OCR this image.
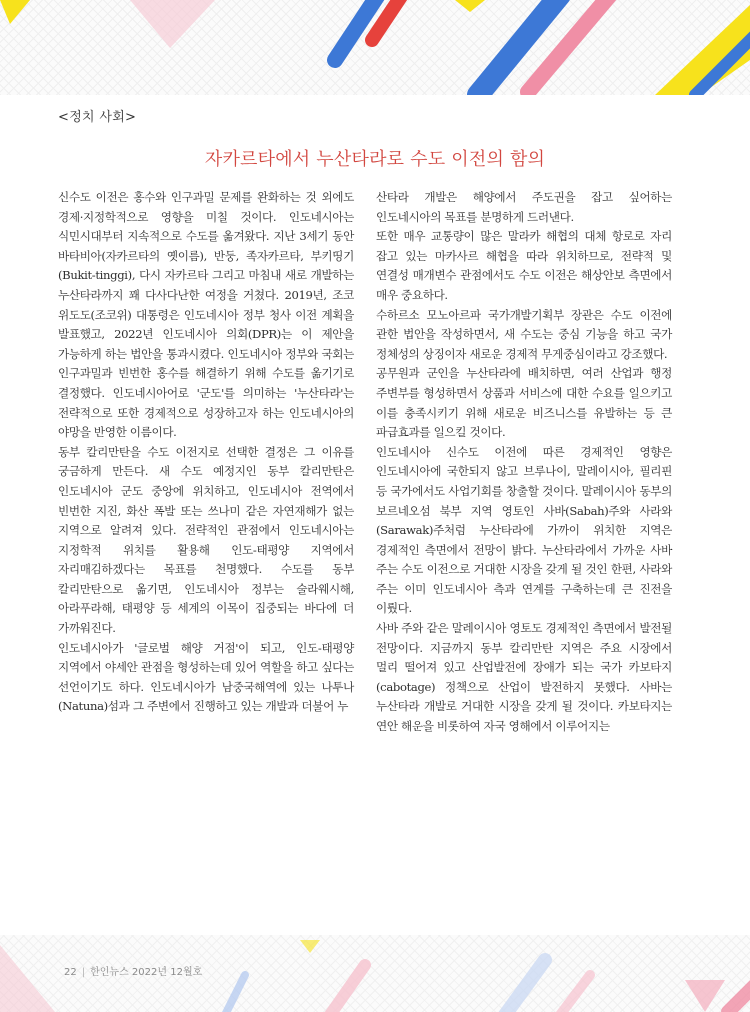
<정치 사회>
자카르타에서 누산타라로 수도 이전의 함의

신수도 이전은 홍수와 인구과밀 문제를 완화하는 것 외에도 경제·지정학적으로 영향을 미칠 것이다. 인도네시아는 식민시대부터 지속적으로 수도를 옮겨왔다. 지난 3세기 동안 바타비아(자카르타의 옛이름), 반둥, 족자카르타, 부키띵기(Bukit-tinggi), 다시 자카르타 그리고 마침내 새로 개발하는 누산타라까지 꽤 다사다난한 여정을 거쳤다. 2019년, 조코 위도도(조코위) 대통령은 인도네시아 정부 청사 이전 계획을 발표했고, 2022년 인도네시아 의회(DPR)는 이 제안을 가능하게 하는 법안을 통과시켰다. 인도네시아 정부와 국회는 인구과밀과 빈번한 홍수를 해결하기 위해 수도를 옮기기로 결정했다. 인도네시아어로 '군도'를 의미하는 '누산타라'는 전략적으로 또한 경제적으로 성장하고자 하는 인도네시아의 야망을 반영한 이름이다.

동부 칼리만탄을 수도 이전지로 선택한 결정은 그 이유를 궁금하게 만든다. 새 수도 예정지인 동부 칼리만탄은 인도네시아 군도 중앙에 위치하고, 인도네시아 전역에서 빈번한 지진, 화산 폭발 또는 쓰나미 같은 자연재해가 없는 지역으로 알려져 있다. 전략적인 관점에서 인도네시아는 지정학적 위치를 활용해 인도-태평양 지역에서 자리매김하겠다는 목표를 천명했다. 수도를 동부 칼리만탄으로 옮기면, 인도네시아 정부는 술라웨시해, 아라푸라해, 태평양 등 세계의 이목이 집중되는 바다에 더 가까워진다.

인도네시아가 '글로벌 해양 거점'이 되고, 인도-태평양 지역에서 야세안 관점을 형성하는데 있어 역할을 하고 싶다는 선언이기도 하다. 인도네시아가 남중국해역에 있는 나투나(Natuna)섬과 그 주변에서 진행하고 있는 개발과 더불어 누

산타라 개발은 해양에서 주도권을 잡고 싶어하는 인도네시아의 목표를 분명하게 드러낸다.

또한 매우 교통량이 많은 말라카 해협의 대체 항로로 자리 잡고 있는 마카사르 해협을 따라 위치하므로, 전략적 및 연결성 매개변수 관점에서도 수도 이전은 해상안보 측면에서 매우 중요하다.

수하르소 모노아르파 국가개발기획부 장관은 수도 이전에 관한 법안을 작성하면서, 새 수도는 중심 기능을 하고 국가 정체성의 상징이자 새로운 경제적 무게중심이라고 강조했다.

공무원과 군인을 누산타라에 배치하면, 여러 산업과 행정 주변부를 형성하면서 상품과 서비스에 대한 수요를 일으키고 이를 충족시키기 위해 새로운 비즈니스를 유발하는 등 큰 파급효과를 일으킬 것이다.

인도네시아 신수도 이전에 따른 경제적인 영향은 인도네시아에 국한되지 않고 브루나이, 말레이시아, 필리핀 등 국가에서도 사업기회를 창출할 것이다. 말레이시아 동부의 보르네오섬 북부 지역 영토인 사바(Sabah)주와 사라와(Sarawak)주처럼 누산타라에 가까이 위치한 지역은 경제적인 측면에서 전망이 밝다. 누산타라에서 가까운 사바 주는 수도 이전으로 거대한 시장을 갖게 될 것인 한편, 사라와 주는 이미 인도네시아 측과 연계를 구축하는데 큰 진전을 이뤘다.

사바 주와 같은 말레이시아 영토도 경제적인 측면에서 발전될 전망이다. 지금까지 동부 칼리만탄 지역은 주요 시장에서 멀리 떨어져 있고 산업발전에 장애가 되는 국가 카보타지(cabotage) 정책으로 산업이 발전하지 못했다. 사바는 누산타라 개발로 거대한 시장을 갖게 될 것이다. 카보타지는 연안 해운을 비롯하여 자국 영해에서 이루어지는

22 | 한인뉴스 2022년 12월호
